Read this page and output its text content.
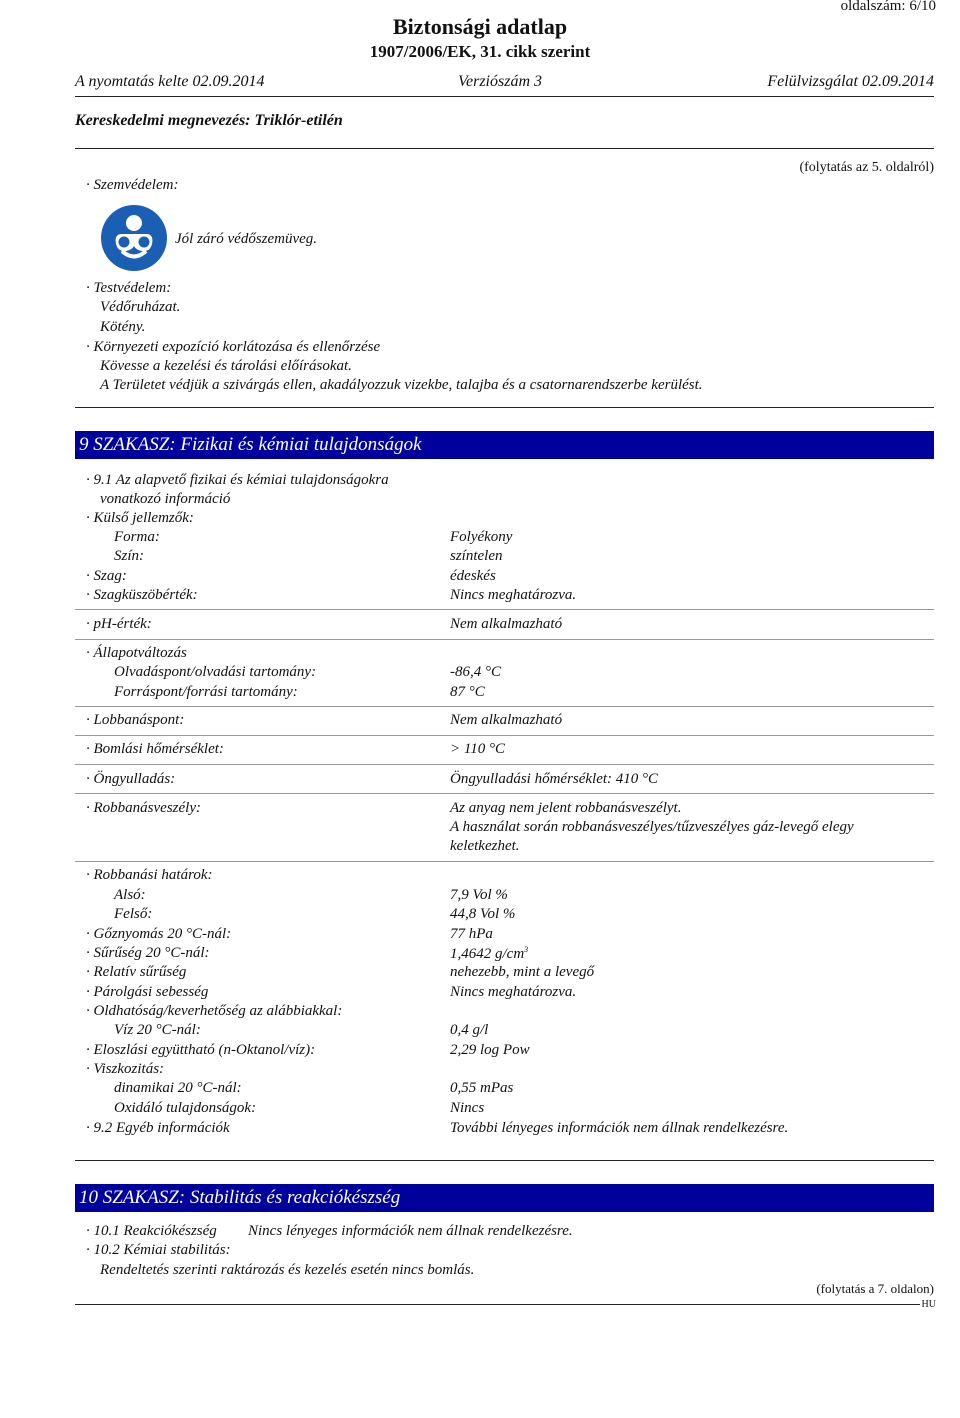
oldalszám: 6/10
Biztonsági adatlap
1907/2006/EK, 31. cikk szerint
A nyomtatás kelte 02.09.2014	Verziószám 3	Felülvizsgálat 02.09.2014
Kereskedelmi megnevezés: Triklór-etilén
· Szemvédelem:
(folytatás az 5. oldalról)
Jól záró védőszemüveg.
· Testvédelem:
Védőruházat.
Kötény.
· Környezeti expozíció korlátozása és ellenőrzése
Kövesse a kezelési és tárolási előírásokat.
A Területet védjük a szivárgás ellen, akadályozzuk vizekbe, talajba és a csatornarendszerbe kerülést.
9 SZAKASZ: Fizikai és kémiai tulajdonságok
· 9.1 Az alapvető fizikai és kémiai tulajdonságokra
vonatkozó információ
· Külső jellemzők:
Forma:	Folyékony
Szín:	színtelen
· Szag:	édeskés
· Szagküszöbérték:	Nincs meghatározva.
· pH-érték:	Nem alkalmazható
· Állapotváltozás
Olvadáspont/olvadási tartomány:	-86,4 °C
Forráspont/forrási tartomány:	87 °C
· Lobbanáspont:	Nem alkalmazható
· Bomlási hőmérséklet:	> 110 °C
· Öngyulladás:	Öngyulladási hőmérséklet: 410 °C
· Robbanásveszély:	Az anyag nem jelent robbanásveszélyt.
A használat során robbanásveszélyes/tűzveszélyes gáz-levegő elegy
keletkezhet.
· Robbanási határok:
Alsó:	7,9 Vol %
Felső:	44,8 Vol %
· Gőznyomás 20 °C-nál:	77 hPa
· Sűrűség 20 °C-nál:	1,4642 $g/cm^3$
· Relatív sűrűség	nehezebb, mint a levegő
· Párolgási sebesség	Nincs meghatározva.
· Oldhatóság/keverhetőség az alábbiakkal:
Víz 20 °C-nál:	0,4 g/l
· Eloszlási együttható (n-Oktanol/víz):	2,29 log Pow
· Viszkozitás:
dinamikai 20 °C-nál:	0,55 mPas
Oxidáló tulajdonságok:	Nincs
· 9.2 Egyéb információk	További lényeges információk nem állnak rendelkezésre.
10 SZAKASZ: Stabilitás és reakciókészség
· 10.1 Reakciókészség Nincs lényeges információk nem állnak rendelkezésre.
· 10.2 Kémiai stabilitás:
Rendeltetés szerinti raktározás és kezelés esetén nincs bomlás.
(folytatás a 7. oldalon)
HU
